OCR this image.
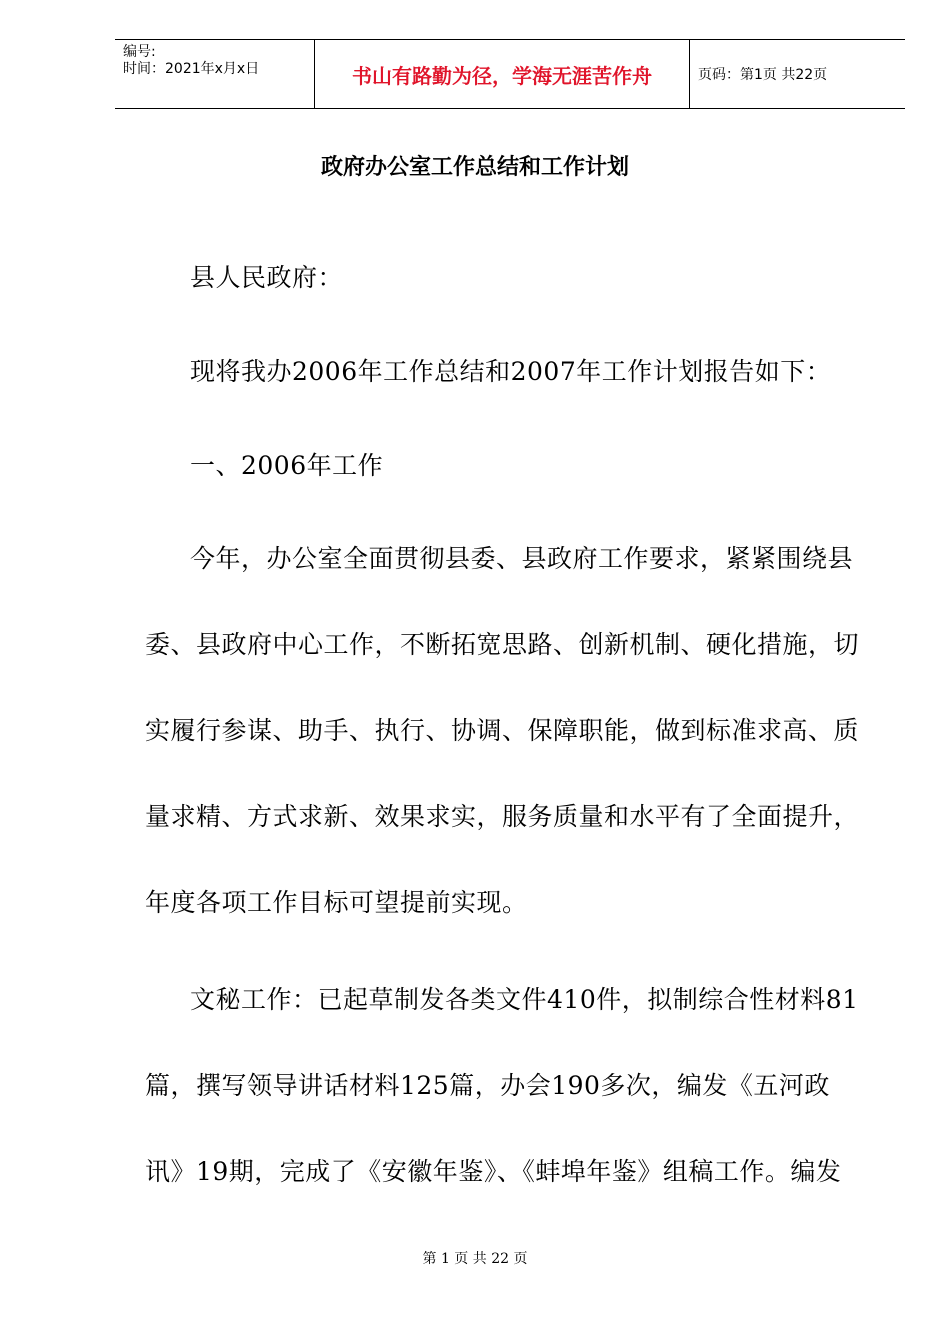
编号:
时间：2021年x月x日	书山有路勤为径，学海无涯苦作舟	页码：第1页 共22页
政府办公室工作总结和工作计划
县人民政府：
现将我办2006年工作总结和2007年工作计划报告如下：
一、2006年工作
今年，办公室全面贯彻县委、县政府工作要求，紧紧围绕县
委、县政府中心工作，不断拓宽思路、创新机制、硬化措施，切
实履行参谋、助手、执行、协调、保障职能，做到标准求高、质
量求精、方式求新、效果求实，服务质量和水平有了全面提升，
年度各项工作目标可望提前实现。
文秘工作：已起草制发各类文件410件，拟制综合性材料81
篇，撰写领导讲话材料125篇，办会190多次，编发《五河政
讯》19期，完成了《安徽年鉴》、《蚌埠年鉴》组稿工作。编发
第 1 页 共 22 页
